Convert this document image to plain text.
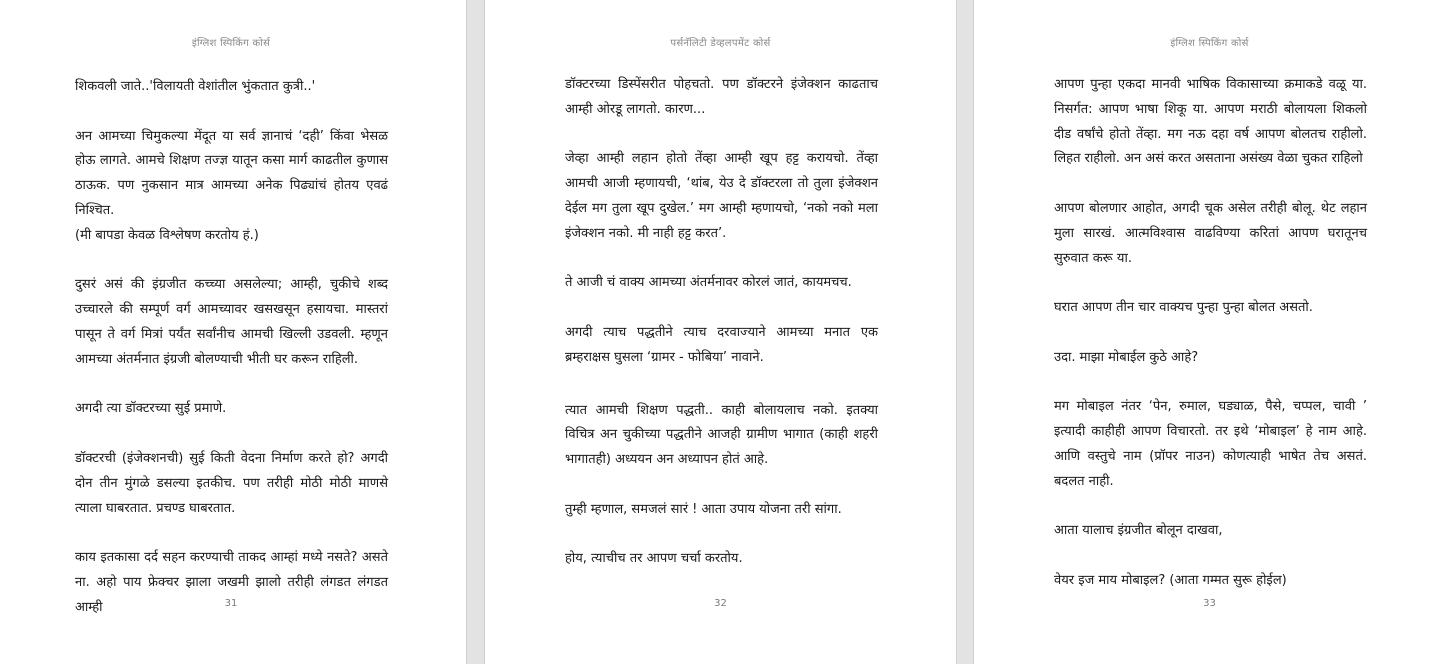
इंग्लिश स्पिकिंग कोर्स

शिकवली जाते..'विलायती वेशांतील भुंकतात कुत्री..'

अन आमच्या चिमुकल्या मेंदूत या सर्व ज्ञानाचं ‘दही’ किंवा भेसळ होऊ लागते. आमचे शिक्षण तज्ज्ञ यातून कसा मार्ग काढतील कुणास ठाऊक. पण नुकसान मात्र आमच्या अनेक पिढ्यांचं होतय एवढं निश्चित.

(मी बापडा केवळ विश्लेषण करतोय हं.)

दुसरं असं की इंग्रजीत कच्च्या असलेल्या; आम्ही, चुकीचे शब्द उच्चारले की सम्पूर्ण वर्ग आमच्यावर खसखसून हसायचा. मास्तरां पासून ते वर्ग मित्रां पर्यंत सर्वांनीच आमची खिल्ली उडवली. म्हणून आमच्या अंतर्मनात इंग्रजी बोलण्याची भीती घर करून राहिली.

अगदी त्या डॉक्टरच्या सुई प्रमाणे.

डॉक्टरची (इंजेक्शनची) सुई किती वेदना निर्माण करते हो? अगदी दोन तीन मुंगळे डसल्या इतकीच. पण तरीही मोठी मोठी माणसे त्याला घाबरतात. प्रचण्ड घाबरतात.

काय इतकासा दर्द सहन करण्याची ताकद आम्हां मध्ये नसते? असते ना. अहो पाय फ्रेक्चर झाला जखमी झालो तरीही लंगडत लंगडत आम्ही	31
पर्सनॅलिटी डेव्हलपमेंट कोर्स

डॉक्टरच्या डिस्पेंसरीत पोहचतो. पण डॉक्टरने इंजेक्शन काढताच आम्ही ओरडू लागतो. कारण...

जेव्हा आम्ही लहान होतो तेंव्हा आम्ही खूप हट्ट करायचो. तेंव्हा आमची आजी म्हणायची, ‘थांब, येउ दे डॉक्टरला तो तुला इंजेक्शन देईल मग तुला खूप दुखेल.’ मग आम्ही म्हणायचो, ‘नको नको मला इंजेक्शन नको. मी नाही हट्ट करत’.

ते आजी चं वाक्य आमच्या अंतर्मनावर कोरलं जातं, कायमचच.

अगदी त्याच पद्धतीने त्याच दरवाज्याने आमच्या मनात एक ब्रम्हराक्षस घुसला ‘ग्रामर - फोबिया’ नावाने.

त्यात आमची शिक्षण पद्धती.. काही बोलायलाच नको. इतक्या विचित्र अन चुकीच्या पद्धतीने आजही ग्रामीण भागात (काही शहरी भागातही) अध्ययन अन अध्यापन होतं आहे.

तुम्ही म्हणाल, समजलं सारं ! आता उपाय योजना तरी सांगा.

होय, त्याचीच तर आपण चर्चा करतोय.

32
इंग्लिश स्पिकिंग कोर्स

आपण पुन्हा एकदा मानवी भाषिक विकासाच्या क्रमाकडे वळू या. निसर्गत: आपण भाषा शिकू या. आपण मराठी बोलायला शिकलो दीड वर्षांचे होतो तेंव्हा. मग नऊ दहा वर्ष आपण बोलतच राहीलो. लिहत राहीलो. अन असं करत असताना असंख्य वेळा चुकत राहिलो

आपण बोलणार आहोत, अगदी चूक असेल तरीही बोलू. थेट लहान मुला सारखं. आत्मविश्वास वाढविण्या करितां आपण घरातूनच सुरुवात करू या.

घरात आपण तीन चार वाक्यच पुन्हा पुन्हा बोलत असतो.

उदा. माझा मोबाईल कुठे आहे?

मग मोबाइल नंतर ‘पेन, रुमाल, घड्याळ, पैसे, चप्पल, चावी ’ इत्यादी काहीही आपण विचारतो. तर इथे ‘मोबाइल’ हे नाम आहे. आणि वस्तुचे नाम (प्रॉपर नाउन) कोणत्याही भाषेत तेच असतं. बदलत नाही.

आता यालाच इंग्रजीत बोलून दाखवा,

वेयर इज माय मोबाइल? (आता गम्मत सुरू होईल)

33
